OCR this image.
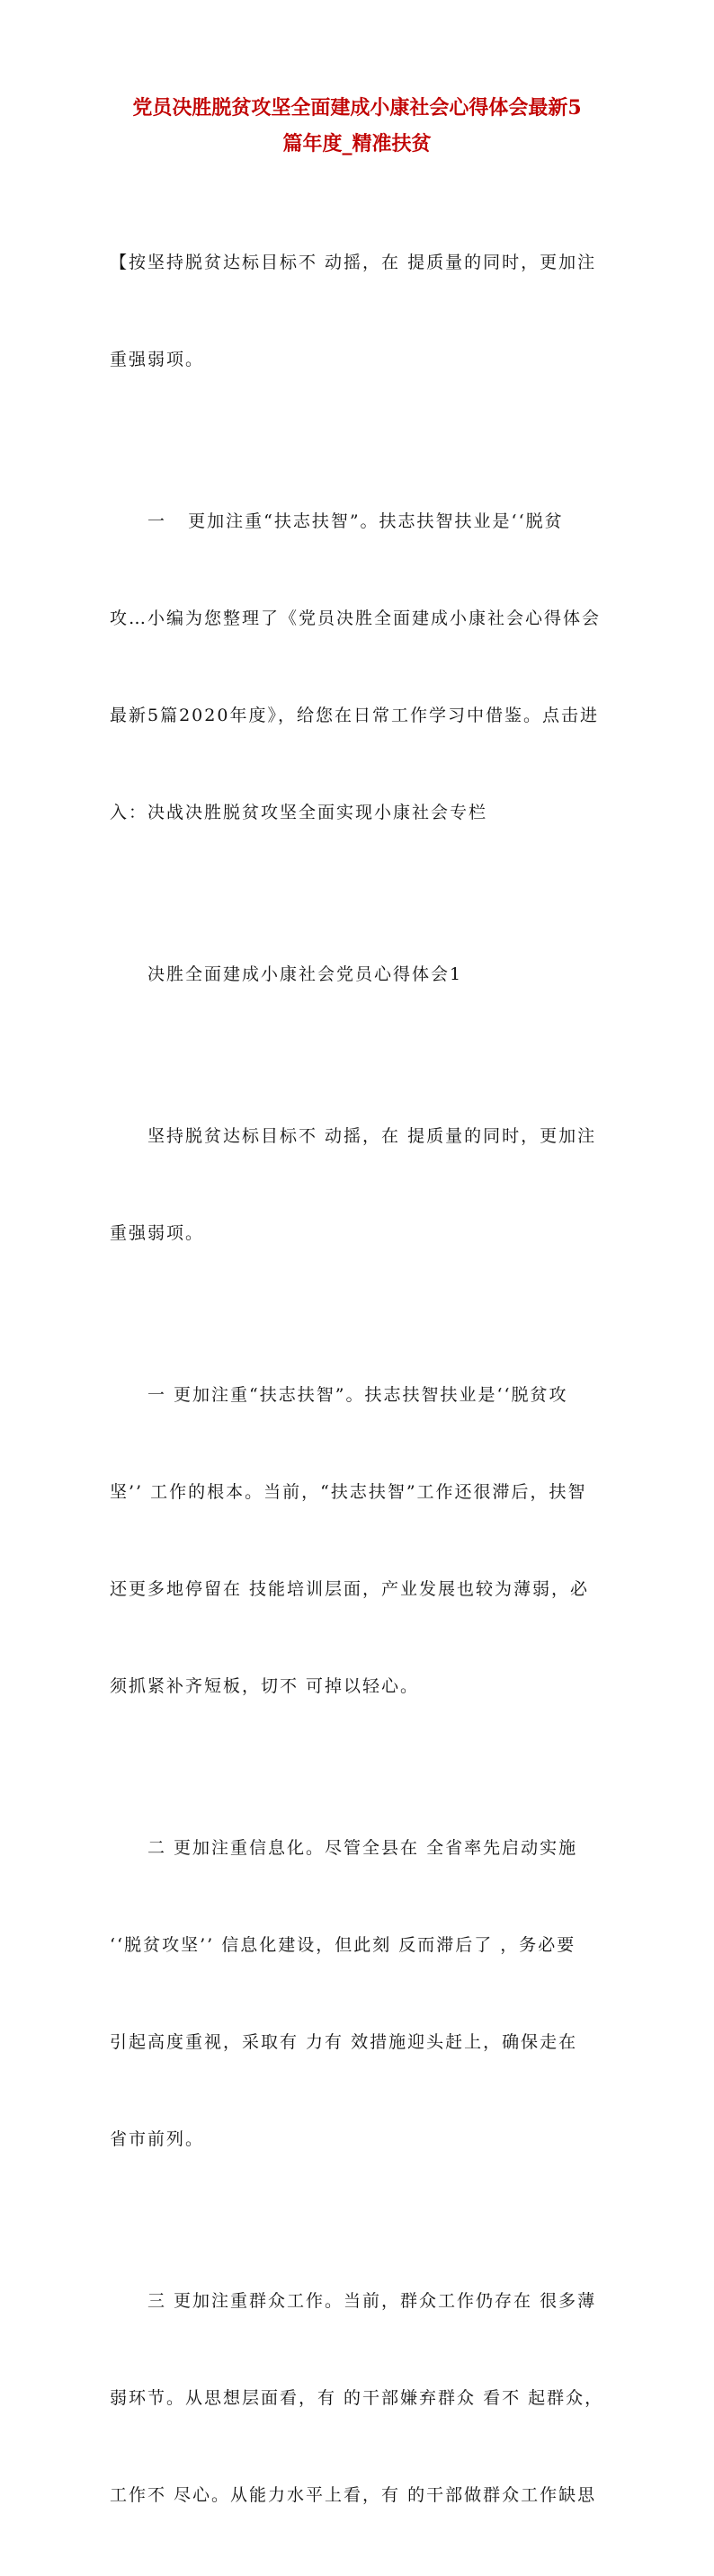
党员决胜脱贫攻坚全面建成小康社会心得体会最新5
篇年度_精准扶贫

【按坚持脱贫达标目标不 动摇，在 提质量的同时，更加注

重强弱项。

一   更加注重“扶志扶智”。扶志扶智扶业是‘‘脱贫

攻…小编为您整理了《党员决胜全面建成小康社会心得体会

最新5篇2020年度》，给您在日常工作学习中借鉴。点击进

入：决战决胜脱贫攻坚全面实现小康社会专栏

决胜全面建成小康社会党员心得体会1

坚持脱贫达标目标不 动摇，在 提质量的同时，更加注

重强弱项。

一 更加注重“扶志扶智”。扶志扶智扶业是‘‘脱贫攻

坚’’ 工作的根本。当前，“扶志扶智”工作还很滞后，扶智

还更多地停留在 技能培训层面，产业发展也较为薄弱，必

须抓紧补齐短板，切不 可掉以轻心。

二 更加注重信息化。尽管全县在 全省率先启动实施

‘‘脱贫攻坚’’ 信息化建设，但此刻 反而滞后了 ，务必要

引起高度重视，采取有 力有 效措施迎头赶上，确保走在

省市前列。

三 更加注重群众工作。当前，群众工作仍存在 很多薄

弱环节。从思想层面看，有 的干部嫌弃群众 看不 起群众，

工作不 尽心。从能力水平上看，有 的干部做群众工作缺思
